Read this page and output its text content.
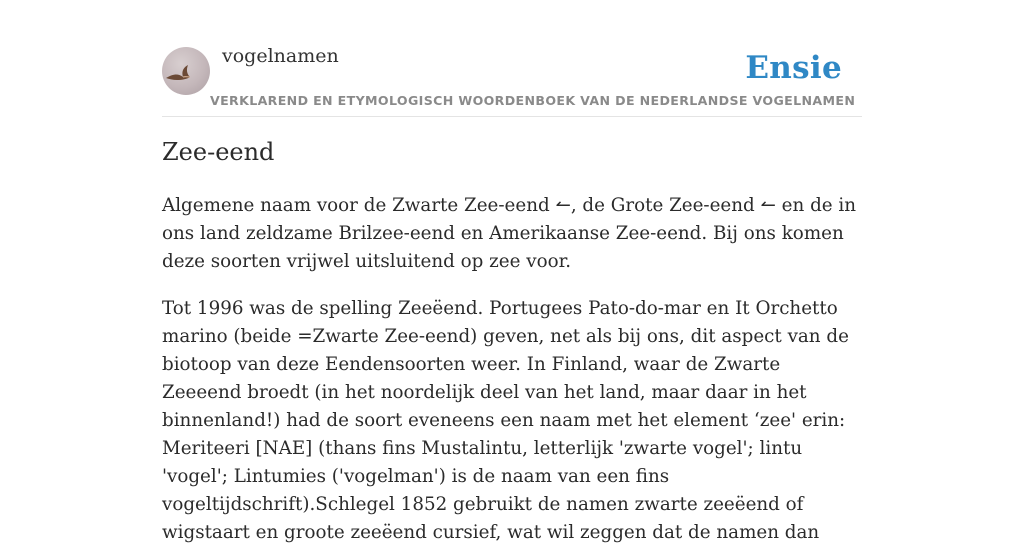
vogelnamen	Ensie
VERKLAREND EN ETYMOLOGISCH WOORDENBOEK VAN DE NEDERLANDSE VOGELNAMEN
Zee-eend

Algemene naam voor de Zwarte Zee-eend ↼, de Grote Zee-eend ↼ en de in ons land zeldzame Brilzee-eend en Amerikaanse Zee-eend. Bij ons komen deze soorten vrijwel uitsluitend op zee voor.

Tot 1996 was de spelling Zeeëend. Portugees Pato-do-mar en It Orchetto marino (beide =Zwarte Zee-eend) geven, net als bij ons, dit aspect van de biotoop van deze Eendensoorten weer. In Finland, waar de Zwarte Zeeeend broedt (in het noordelijk deel van het land, maar daar in het binnenland!) had de soort eveneens een naam met het element ‘zee' erin: Meriteeri [NAE] (thans fins Mustalintu, letterlijk 'zwarte vogel'; lintu 'vogel'; Lintumies ('vogelman') is de naam van een fins vogeltijdschrift).Schlegel 1852 gebruikt de namen zwarte zeeëend of wigstaart en groote zeeëend cursief, wat wil zeggen dat de namen dan
